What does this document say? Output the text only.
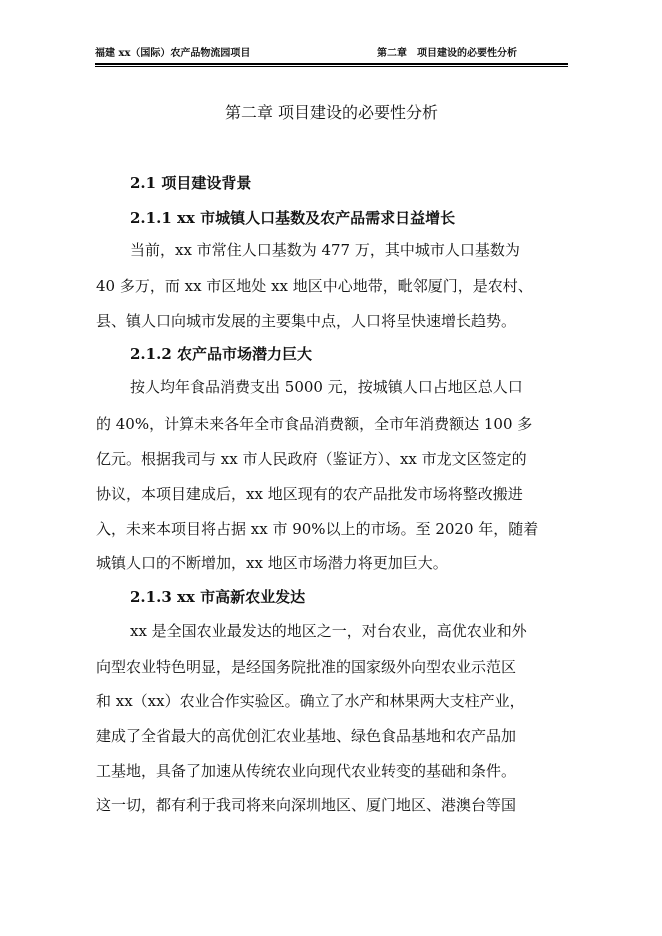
福建 xx（国际）农产品物流园项目	第二章　项目建设的必要性分析
第二章 项目建设的必要性分析
2.1 项目建设背景
2.1.1 xx 市城镇人口基数及农产品需求日益增长
当前，xx 市常住人口基数为 477 万，其中城市人口基数为
40 多万，而 xx 市区地处 xx 地区中心地带，毗邻厦门，是农村、
县、镇人口向城市发展的主要集中点，人口将呈快速增长趋势。
2.1.2 农产品市场潜力巨大
按人均年食品消费支出 5000 元，按城镇人口占地区总人口
的 40%，计算未来各年全市食品消费额，全市年消费额达 100 多
亿元。根据我司与 xx 市人民政府（鉴证方）、xx 市龙文区签定的
协议，本项目建成后，xx 地区现有的农产品批发市场将整改搬进
入，未来本项目将占据 xx 市 90%以上的市场。至 2020 年，随着
城镇人口的不断增加，xx 地区市场潜力将更加巨大。
2.1.3 xx 市高新农业发达
xx 是全国农业最发达的地区之一，对台农业，高优农业和外
向型农业特色明显，是经国务院批准的国家级外向型农业示范区
和 xx（xx）农业合作实验区。确立了水产和林果两大支柱产业，
建成了全省最大的高优创汇农业基地、绿色食品基地和农产品加
工基地，具备了加速从传统农业向现代农业转变的基础和条件。
这一切，都有利于我司将来向深圳地区、厦门地区、港澳台等国
